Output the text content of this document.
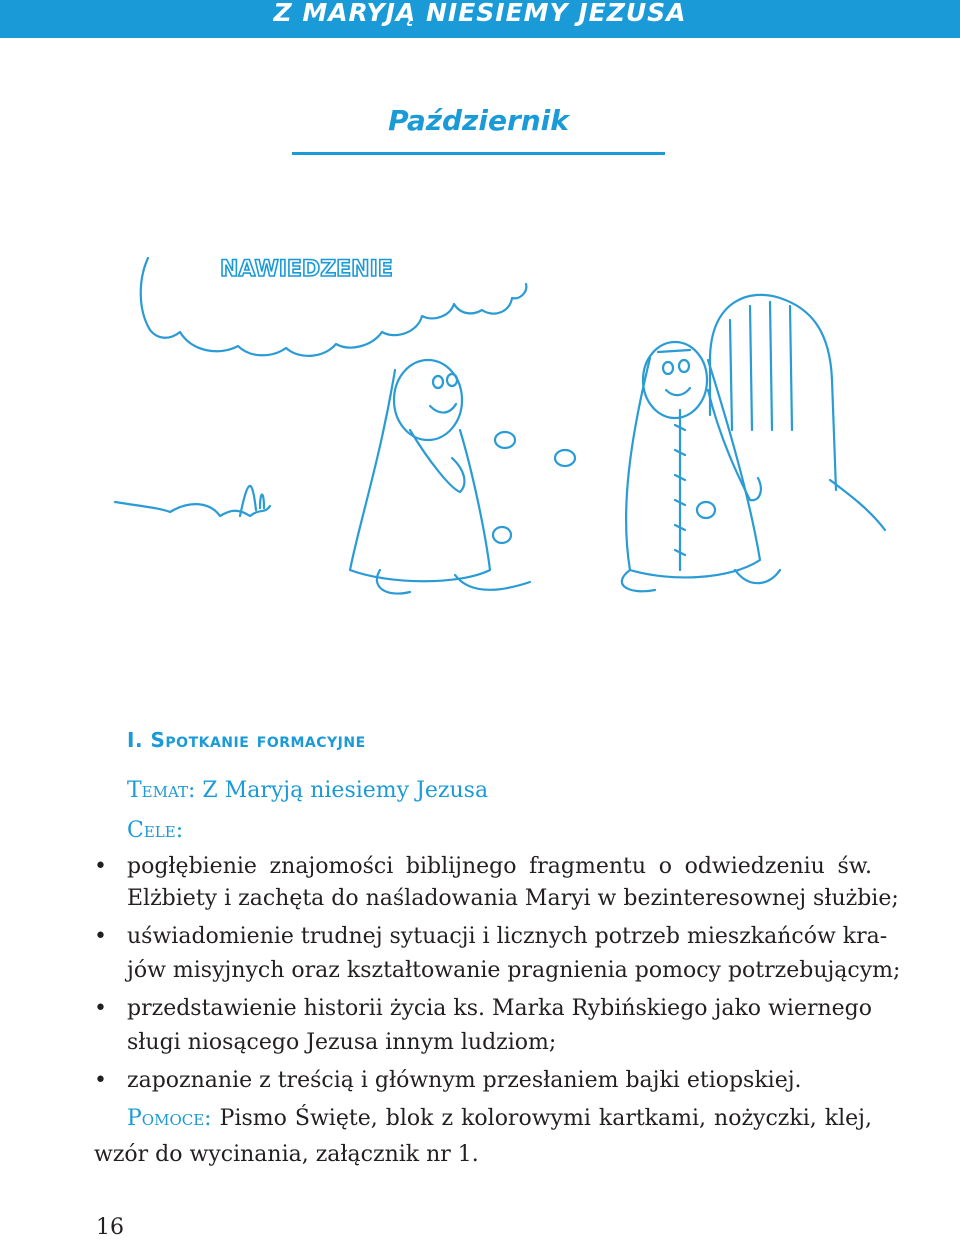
Z MARYJĄ NIESIEMY JEZUSA
Październik
NAWIEDZENIE
I. Spotkanie formacyjne
Temat: Z Maryją niesiemy Jezusa
Cele:
• pogłębienie znajomości biblijnego fragmentu o odwiedzeniu św.
Elżbiety i zachęta do naśladowania Maryi w bezinteresownej służbie;
• uświadomienie trudnej sytuacji i licznych potrzeb mieszkańców kra-
jów misyjnych oraz kształtowanie pragnienia pomocy potrzebującym;
• przedstawienie historii życia ks. Marka Rybińskiego jako wiernego
sługi niosącego Jezusa innym ludziom;
• zapoznanie z treścią i głównym przesłaniem bajki etiopskiej.
Pomoce: Pismo Święte, blok z kolorowymi kartkami, nożyczki, klej,
wzór do wycinania, załącznik nr 1.
16
